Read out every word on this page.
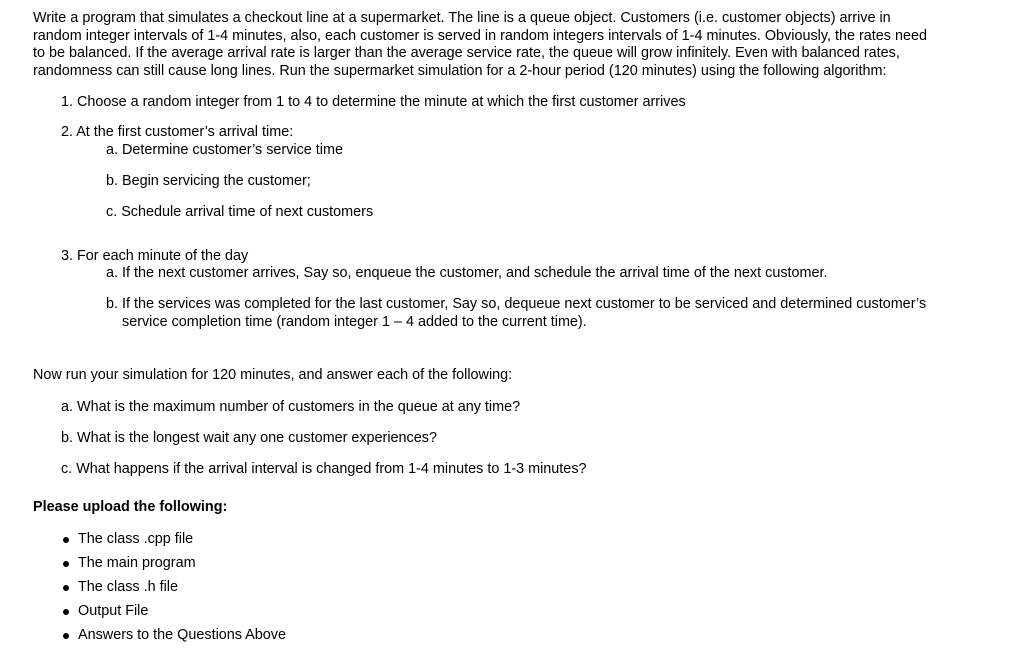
Write a program that simulates a checkout line at a supermarket. The line is a queue object. Customers (i.e. customer objects) arrive in
random integer intervals of 1-4 minutes, also, each customer is served in random integers intervals of 1-4 minutes. Obviously, the rates need
to be balanced. If the average arrival rate is larger than the average service rate, the queue will grow infinitely. Even with balanced rates,
randomness can still cause long lines. Run the supermarket simulation for a 2-hour period (120 minutes) using the following algorithm:
1. Choose a random integer from 1 to 4 to determine the minute at which the first customer arrives
2. At the first customer’s arrival time:
a. Determine customer’s service time
b. Begin servicing the customer;
c. Schedule arrival time of next customers
3. For each minute of the day
a. If the next customer arrives, Say so, enqueue the customer, and schedule the arrival time of the next customer.
b. If the services was completed for the last customer, Say so, dequeue next customer to be serviced and determined customer’s
service completion time (random integer 1 – 4 added to the current time).
Now run your simulation for 120 minutes, and answer each of the following:
a. What is the maximum number of customers in the queue at any time?
b. What is the longest wait any one customer experiences?
c. What happens if the arrival interval is changed from 1-4 minutes to 1-3 minutes?
Please upload the following:
The class .cpp file
The main program
The class .h file
Output File
Answers to the Questions Above
